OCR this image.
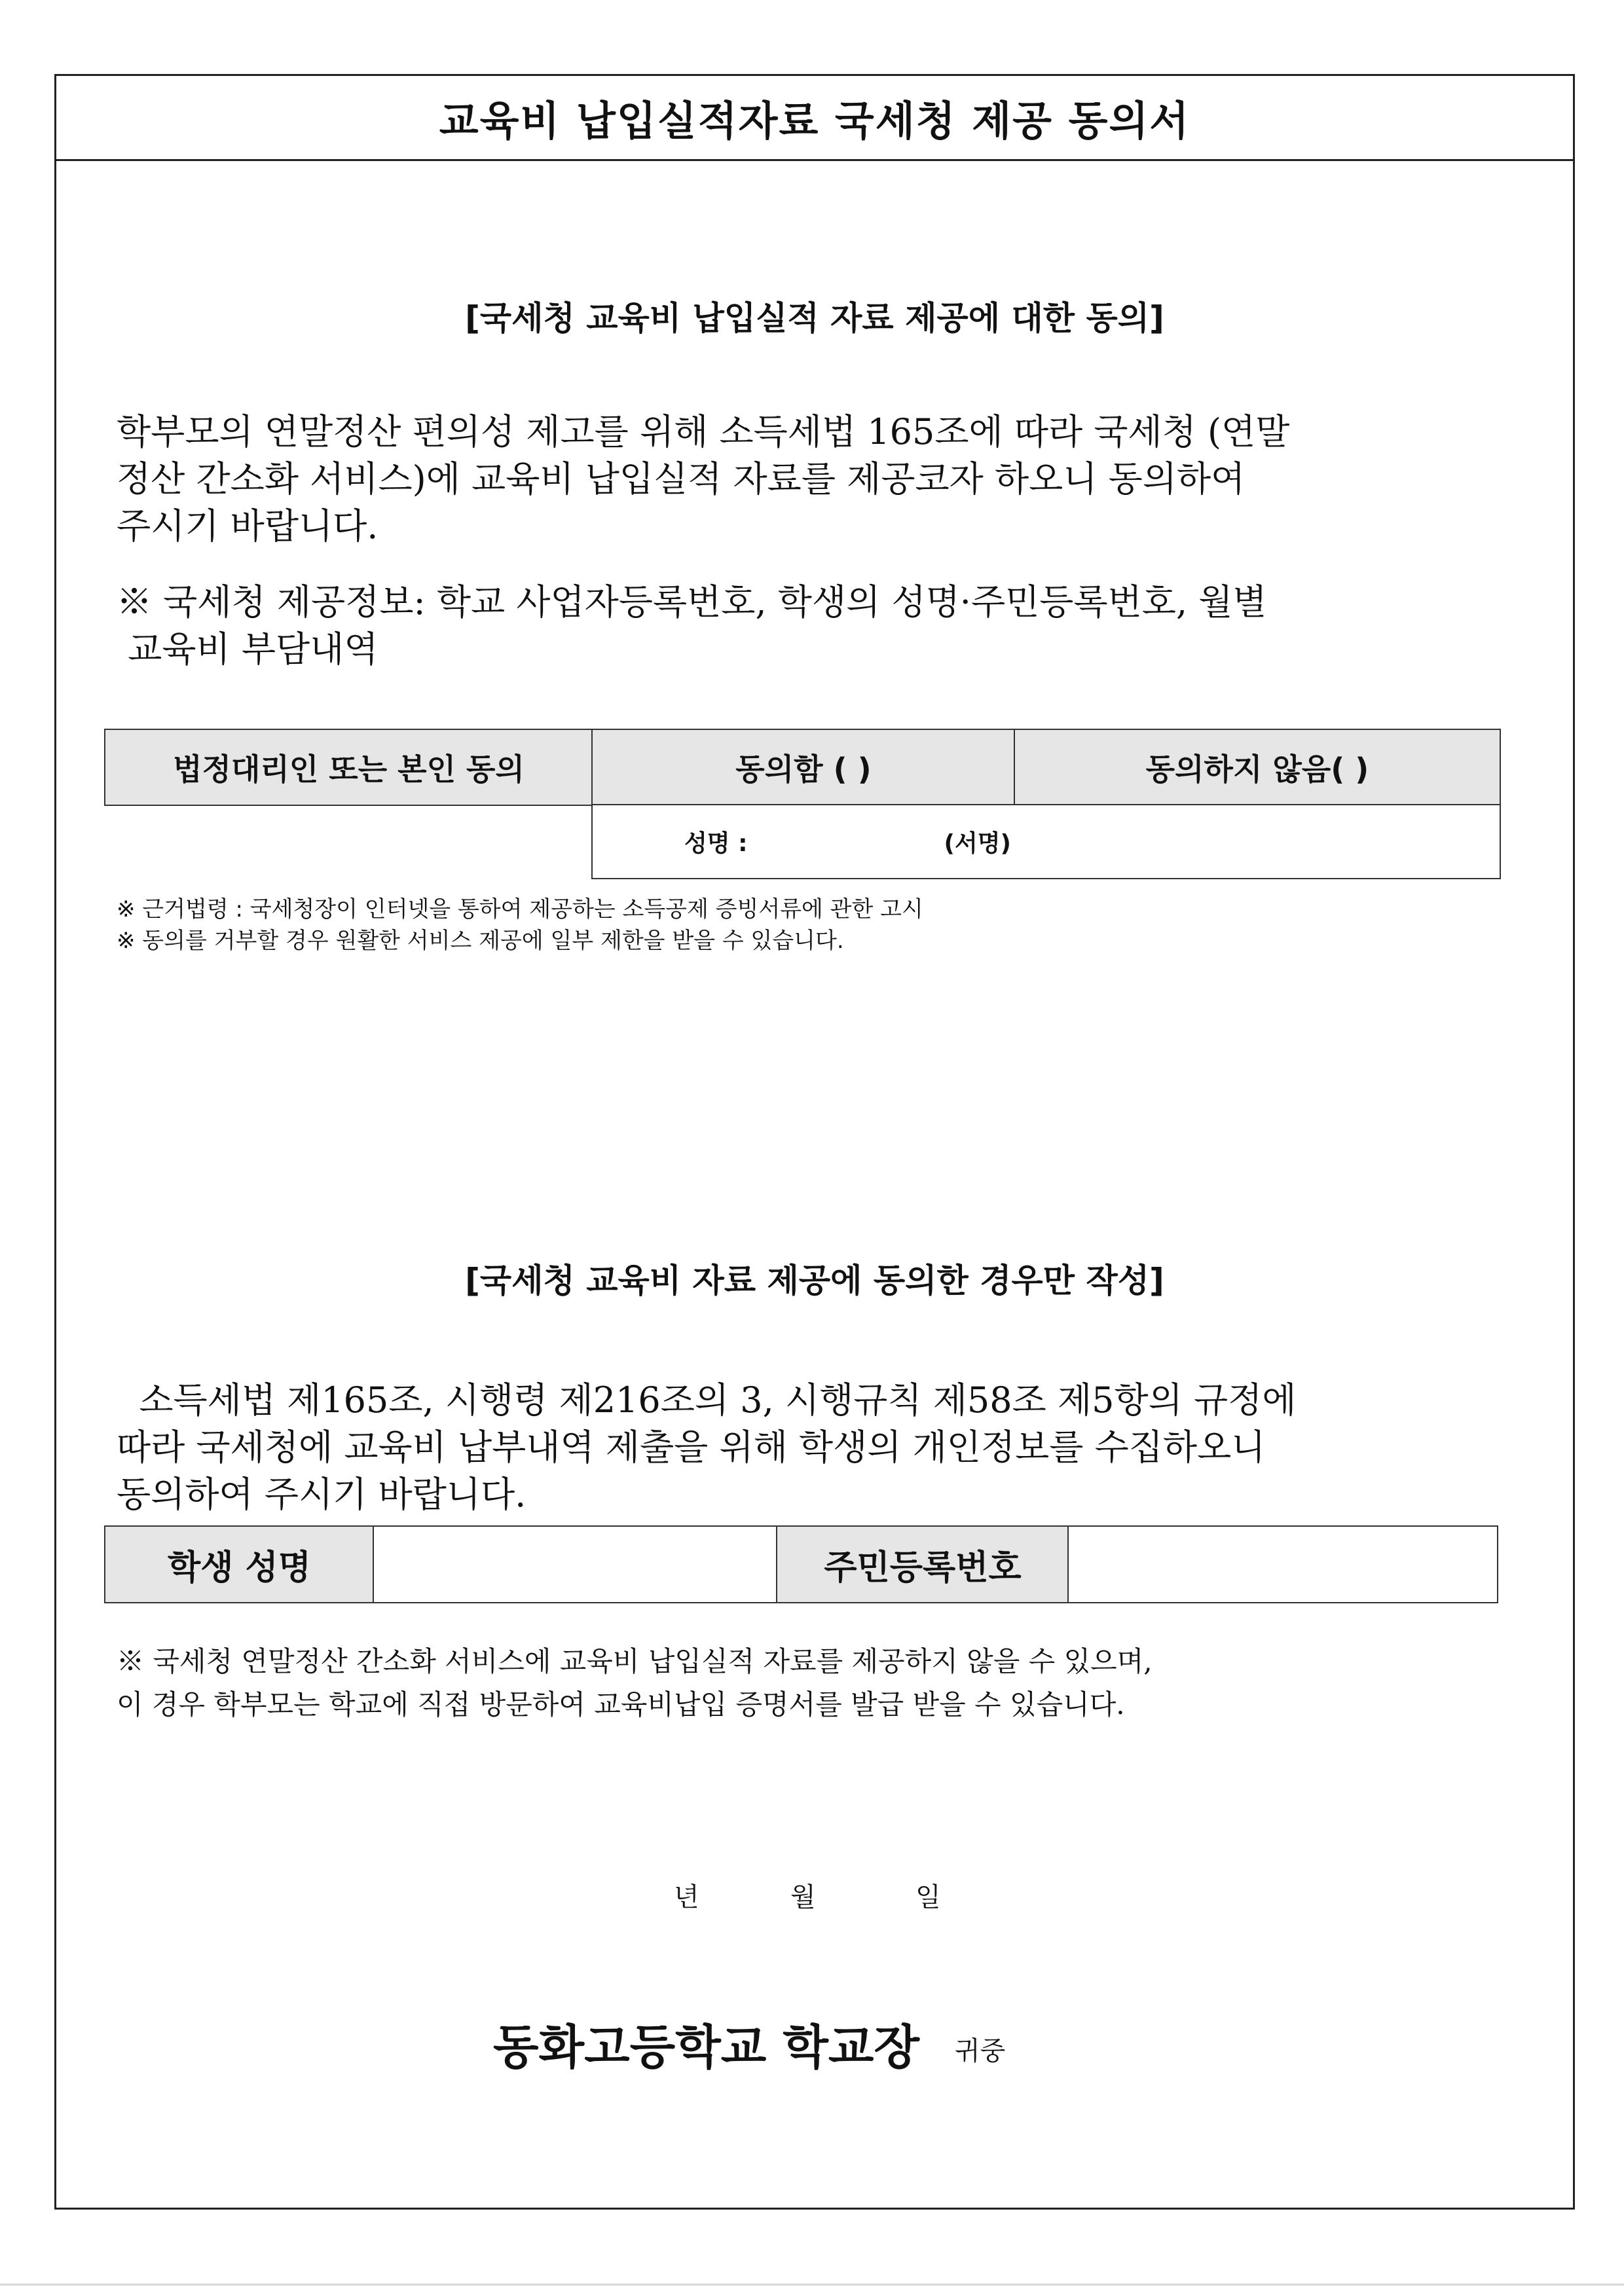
교육비 납입실적자료 국세청 제공 동의서
[국세청 교육비 납입실적 자료 제공에 대한 동의]
학부모의 연말정산 편의성 제고를 위해 소득세법 165조에 따라 국세청 (연말
정산 간소화 서비스)에 교육비 납입실적 자료를 제공코자 하오니 동의하여
주시기 바랍니다.
※ 국세청 제공정보: 학교 사업자등록번호, 학생의 성명·주민등록번호, 월별
교육비 부담내역
법정대리인 또는 본인 동의	동의함 ( )	동의하지 않음( )
성명 :	(서명)
※ 근거법령 : 국세청장이 인터넷을 통하여 제공하는 소득공제 증빙서류에 관한 고시
※ 동의를 거부할 경우 원활한 서비스 제공에 일부 제한을 받을 수 있습니다.
[국세청 교육비 자료 제공에 동의한 경우만 작성]
소득세법 제165조, 시행령 제216조의 3, 시행규칙 제58조 제5항의 규정에
따라 국세청에 교육비 납부내역 제출을 위해 학생의 개인정보를 수집하오니
동의하여 주시기 바랍니다.
학생 성명	주민등록번호
※ 국세청 연말정산 간소화 서비스에 교육비 납입실적 자료를 제공하지 않을 수 있으며,
이 경우 학부모는 학교에 직접 방문하여 교육비납입 증명서를 발급 받을 수 있습니다.
년	월	일
동화고등학교 학교장 귀중
